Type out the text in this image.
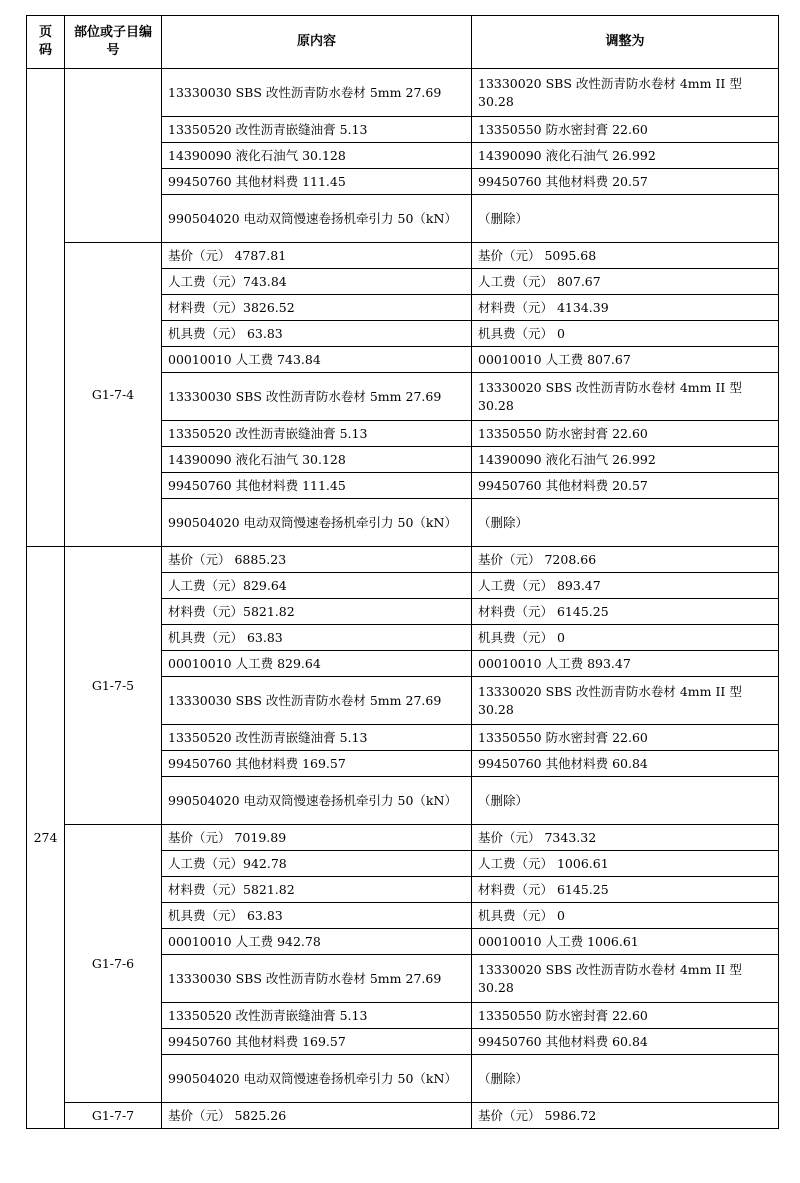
页码	部位或子目编号	原内容	调整为
		13330030 SBS 改性沥青防水卷材 5mm 27.69	13330020 SBS 改性沥青防水卷材 4mm II 型 30.28
		13350520 改性沥青嵌缝油膏 5.13	13350550 防水密封膏 22.60
		14390090 液化石油气 30.128	14390090 液化石油气 26.992
		99450760 其他材料费 111.45	99450760 其他材料费 20.57
		990504020 电动双筒慢速卷扬机牵引力 50（kN）	（删除）
	G1-7-4	基价（元） 4787.81	基价（元） 5095.68
		人工费（元）743.84	人工费（元） 807.67
		材料费（元）3826.52	材料费（元） 4134.39
		机具费（元） 63.83	机具费（元） 0
		00010010 人工费 743.84	00010010 人工费 807.67
		13330030 SBS 改性沥青防水卷材 5mm 27.69	13330020 SBS 改性沥青防水卷材 4mm II 型 30.28
		13350520 改性沥青嵌缝油膏 5.13	13350550 防水密封膏 22.60
		14390090 液化石油气 30.128	14390090 液化石油气 26.992
		99450760 其他材料费 111.45	99450760 其他材料费 20.57
		990504020 电动双筒慢速卷扬机牵引力 50（kN）	（删除）
274	G1-7-5	基价（元） 6885.23	基价（元） 7208.66
		人工费（元）829.64	人工费（元） 893.47
		材料费（元）5821.82	材料费（元） 6145.25
		机具费（元） 63.83	机具费（元） 0
		00010010 人工费 829.64	00010010 人工费 893.47
		13330030 SBS 改性沥青防水卷材 5mm 27.69	13330020 SBS 改性沥青防水卷材 4mm II 型 30.28
		13350520 改性沥青嵌缝油膏 5.13	13350550 防水密封膏 22.60
		99450760 其他材料费 169.57	99450760 其他材料费 60.84
		990504020 电动双筒慢速卷扬机牵引力 50（kN）	（删除）
	G1-7-6	基价（元） 7019.89	基价（元） 7343.32
		人工费（元）942.78	人工费（元） 1006.61
		材料费（元）5821.82	材料费（元） 6145.25
		机具费（元） 63.83	机具费（元） 0
		00010010 人工费 942.78	00010010 人工费 1006.61
		13330030 SBS 改性沥青防水卷材 5mm 27.69	13330020 SBS 改性沥青防水卷材 4mm II 型 30.28
		13350520 改性沥青嵌缝油膏 5.13	13350550 防水密封膏 22.60
		99450760 其他材料费 169.57	99450760 其他材料费 60.84
		990504020 电动双筒慢速卷扬机牵引力 50（kN）	（删除）
	G1-7-7	基价（元） 5825.26	基价（元） 5986.72
